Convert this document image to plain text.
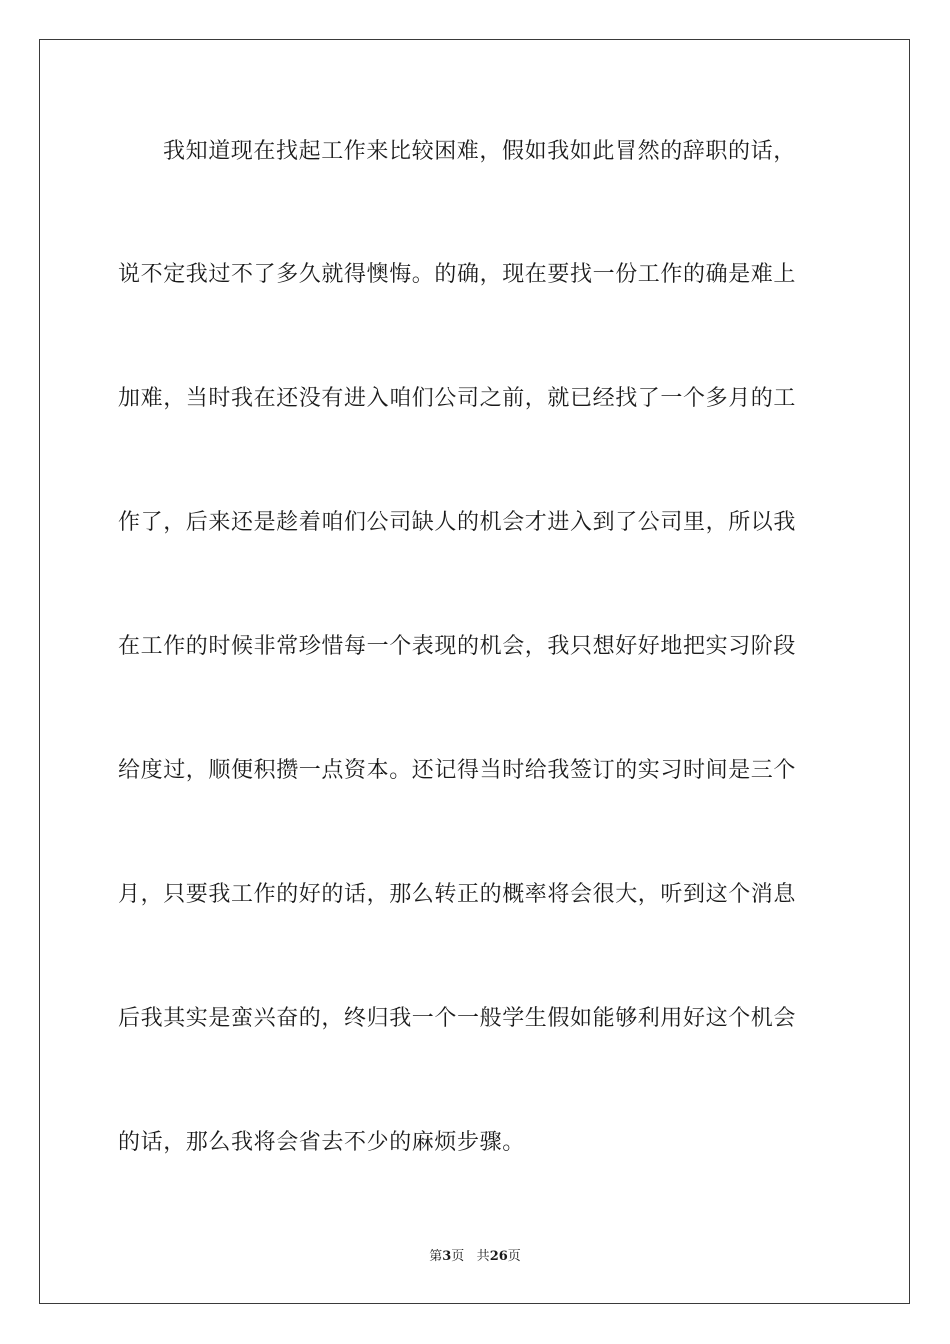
我知道现在找起工作来比较困难，假如我如此冒然的辞职的话，
说不定我过不了多久就得懊悔。的确，现在要找一份工作的确是难上
加难，当时我在还没有进入咱们公司之前，就已经找了一个多月的工
作了，后来还是趁着咱们公司缺人的机会才进入到了公司里，所以我
在工作的时候非常珍惜每一个表现的机会，我只想好好地把实习阶段
给度过，顺便积攒一点资本。还记得当时给我签订的实习时间是三个
月，只要我工作的好的话，那么转正的概率将会很大，听到这个消息
后我其实是蛮兴奋的，终归我一个一般学生假如能够利用好这个机会
的话，那么我将会省去不少的麻烦步骤。
第3页 共26页
